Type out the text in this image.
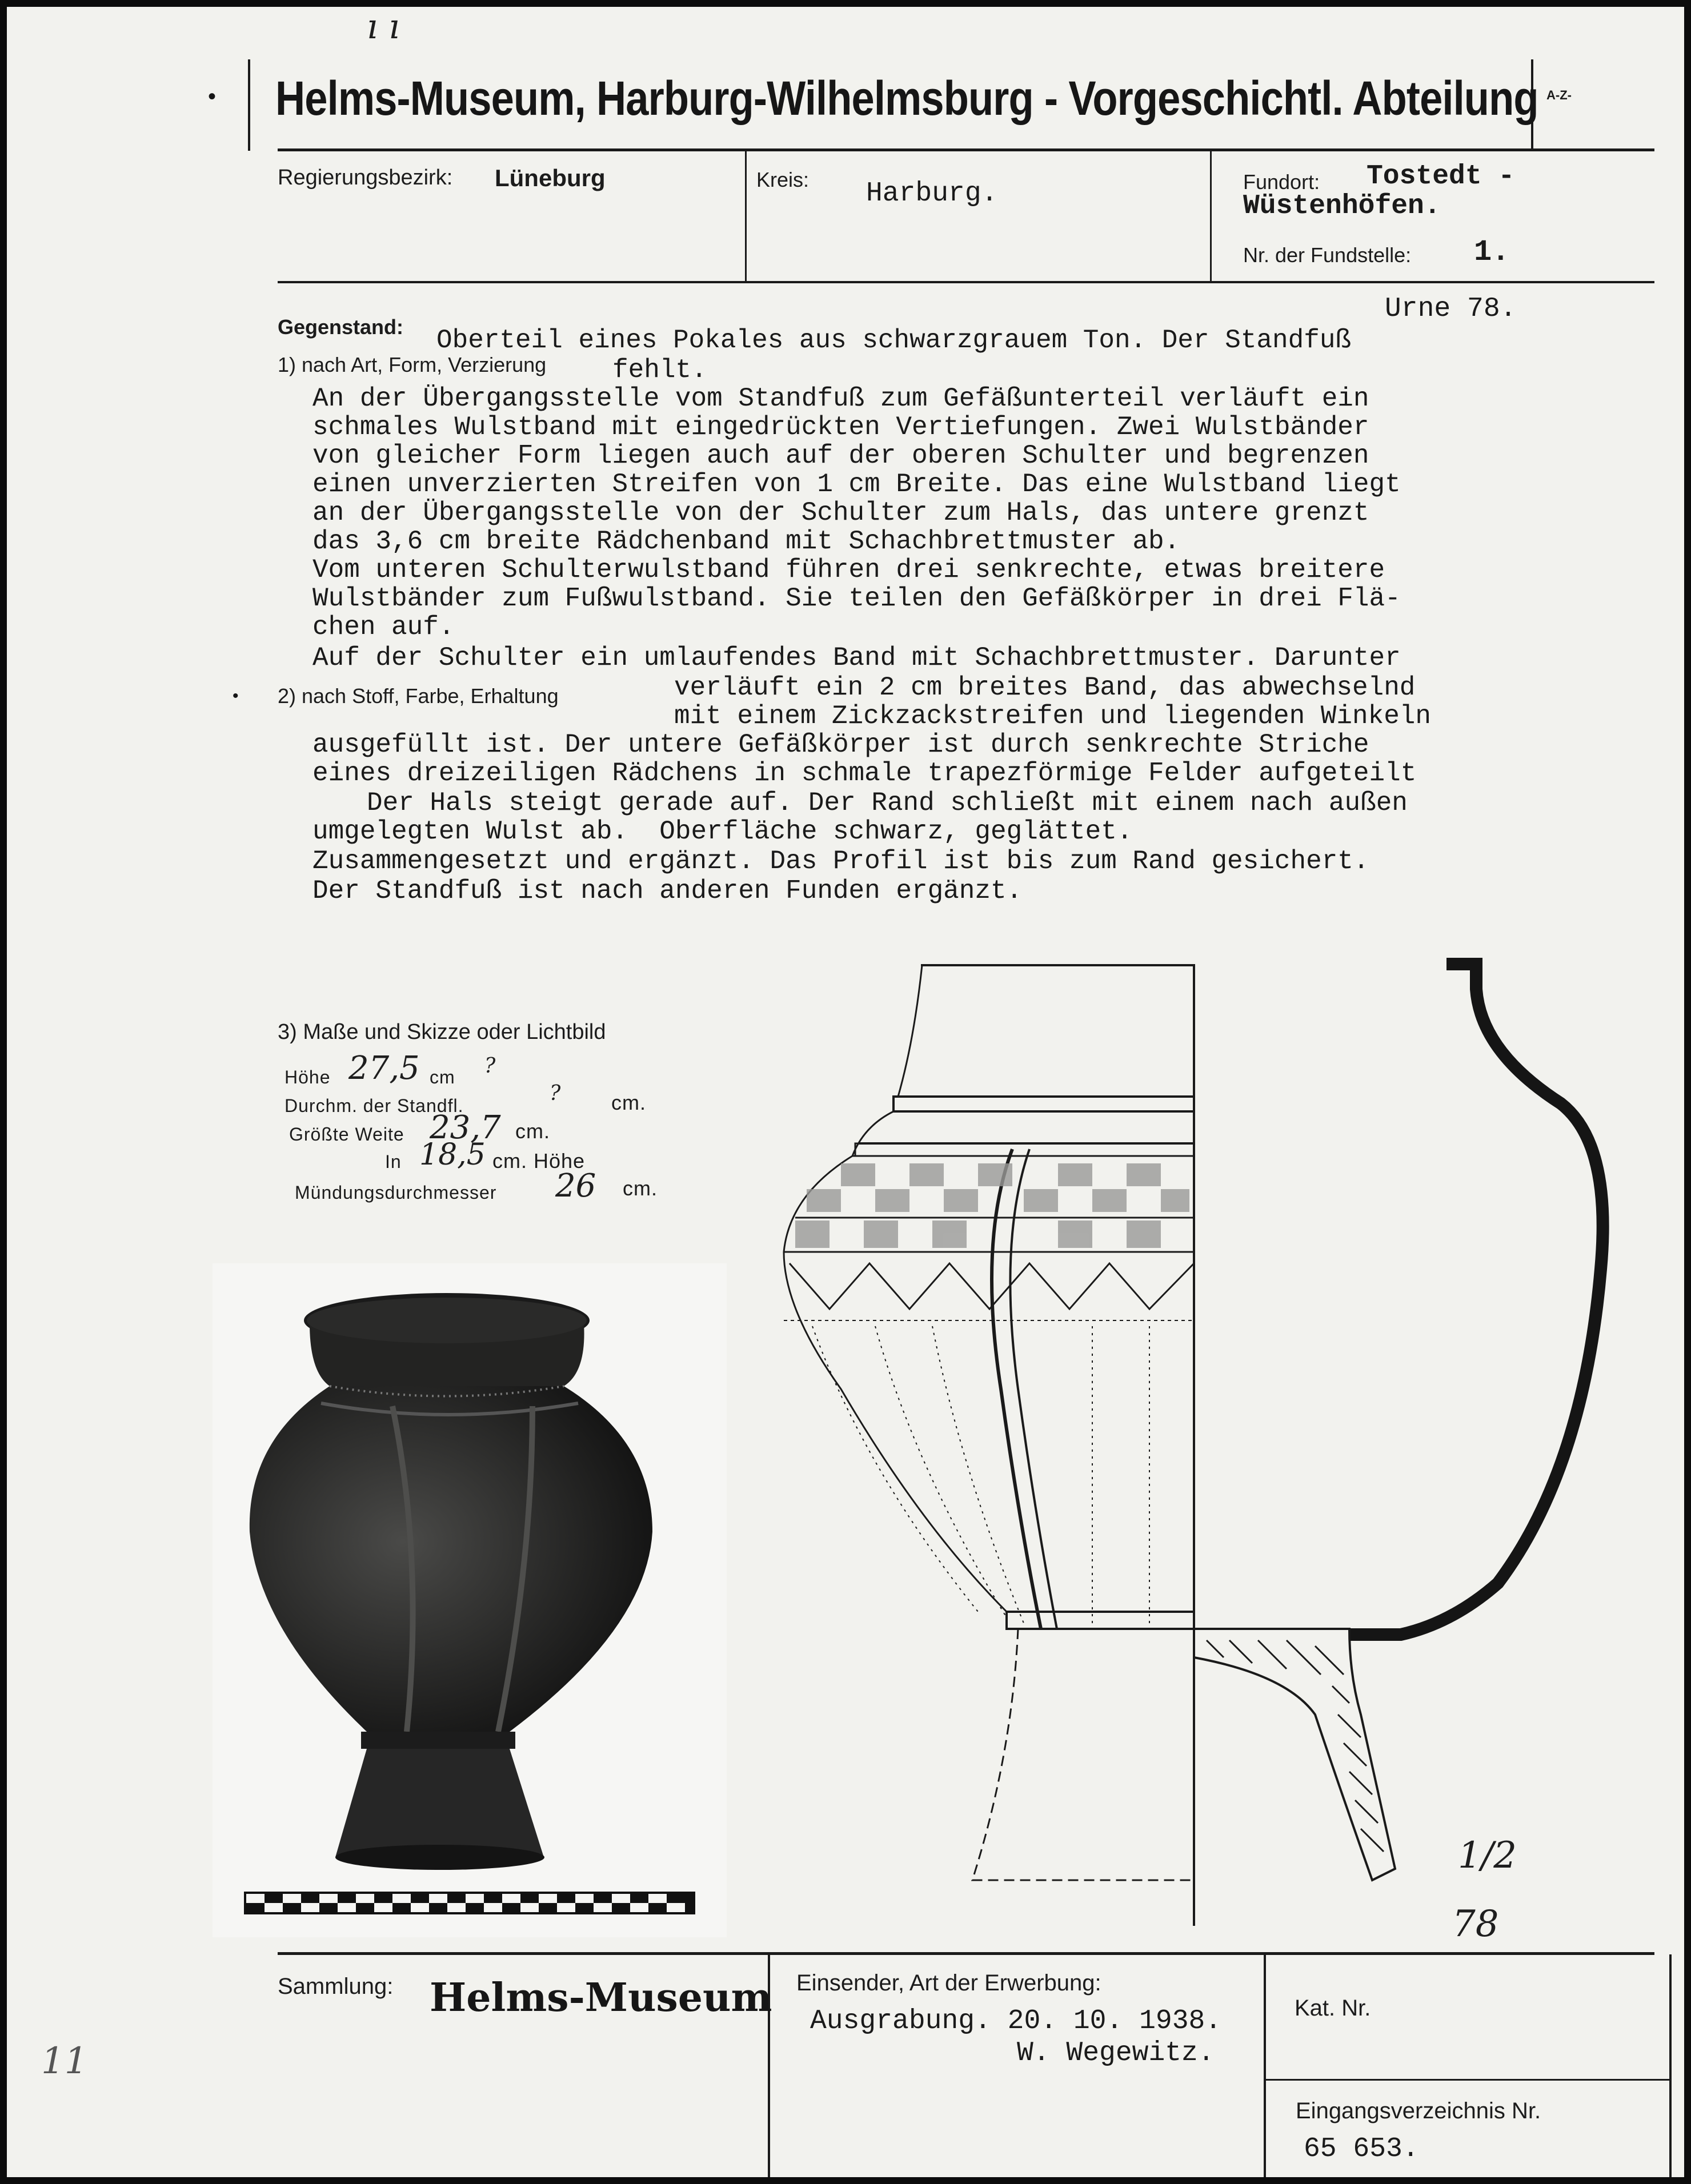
ı ı
•	A-Z-
11
Helms-Museum, Harburg-Wilhelmsburg - Vorgeschichtl. Abteilung
Regierungsbezirk: Lüneburg	Kreis: Harburg.	Fundort: Tostedt -
Wüstenhöfen.
Nr. der Fundstelle: 1.
Urne 78.
Gegenstand:
1) nach Art, Form, Verzierung
2) nach Stoff, Farbe, Erhaltung
•
Oberteil eines Pokales aus schwarzgrauem Ton. Der Standfuß
fehlt.
An der Übergangsstelle vom Standfuß zum Gefäßunterteil verläuft ein
schmales Wulstband mit eingedrückten Vertiefungen. Zwei Wulstbänder
von gleicher Form liegen auch auf der oberen Schulter und begrenzen
einen unverzierten Streifen von 1 cm Breite. Das eine Wulstband liegt
an der Übergangsstelle von der Schulter zum Hals, das untere grenzt
das 3,6 cm breite Rädchenband mit Schachbrettmuster ab.
Vom unteren Schulterwulstband führen drei senkrechte, etwas breitere
Wulstbänder zum Fußwulstband. Sie teilen den Gefäßkörper in drei Flä-
chen auf.
Auf der Schulter ein umlaufendes Band mit Schachbrettmuster. Darunter
verläuft ein 2 cm breites Band, das abwechselnd
mit einem Zickzackstreifen und liegenden Winkeln
ausgefüllt ist. Der untere Gefäßkörper ist durch senkrechte Striche
eines dreizeiligen Rädchens in schmale trapezförmige Felder aufgeteilt
Der Hals steigt gerade auf. Der Rand schließt mit einem nach außen
umgelegten Wulst ab.  Oberfläche schwarz, geglättet.
Zusammengesetzt und ergänzt. Das Profil ist bis zum Rand gesichert.
Der Standfuß ist nach anderen Funden ergänzt.
3) Maße und Skizze oder Lichtbild
Höhe 27,5 cm ?
Durchm. der Standfl.
? cm.
Größte Weite 23,7 cm.
In 18,5 cm. Höhe
Mündungsdurchmesser 26 cm.
1/2
78
Sammlung: Helms-Museum Einsender, Art der Erwerbung:
Ausgrabung. 20. 10. 1938.
W. Wegewitz.
Kat. Nr.
Eingangsverzeichnis Nr.
65 653.
